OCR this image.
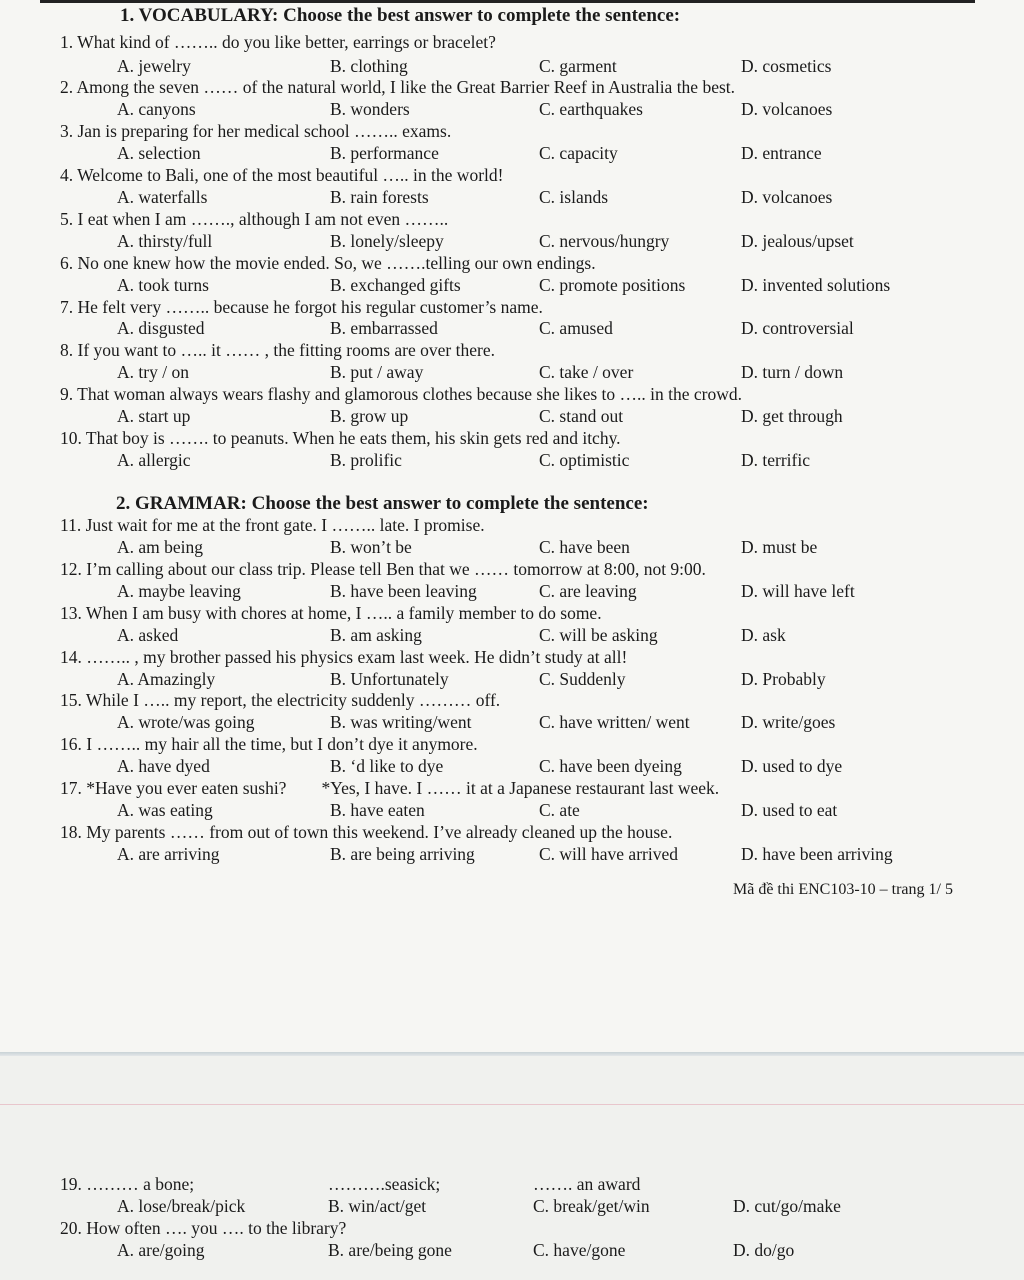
1. VOCABULARY: Choose the best answer to complete the sentence:
1. What kind of …….. do you like better, earrings or bracelet?
A. jewelry	B. clothing	C. garment	D. cosmetics
2. Among the seven …… of the natural world, I like the Great Barrier Reef in Australia the best.
A. canyons	B. wonders	C. earthquakes	D. volcanoes
3. Jan is preparing for her medical school …….. exams.
A. selection	B. performance	C. capacity	D. entrance
4. Welcome to Bali, one of the most beautiful ….. in the world!
A. waterfalls	B. rain forests	C. islands	D. volcanoes
5. I eat when I am ……., although I am not even ……..
A. thirsty/full	B. lonely/sleepy	C. nervous/hungry	D. jealous/upset
6. No one knew how the movie ended. So, we …….telling our own endings.
A. took turns	B. exchanged gifts	C. promote positions	D. invented solutions
7. He felt very …….. because he forgot his regular customer’s name.
A. disgusted	B. embarrassed	C. amused	D. controversial
8. If you want to ….. it …… , the fitting rooms are over there.
A. try / on	B. put / away	C. take / over	D. turn / down
9. That woman always wears flashy and glamorous clothes because she likes to ….. in the crowd.
A. start up	B. grow up	C. stand out	D. get through
10. That boy is ……. to peanuts. When he eats them, his skin gets red and itchy.
A. allergic	B. prolific	C. optimistic	D. terrific
2. GRAMMAR: Choose the best answer to complete the sentence:
11. Just wait for me at the front gate. I …….. late. I promise.
A. am being	B. won’t be	C. have been	D. must be
12. I’m calling about our class trip. Please tell Ben that we …… tomorrow at 8:00, not 9:00.
A. maybe leaving	B. have been leaving	C. are leaving	D. will have left
13. When I am busy with chores at home, I ….. a family member to do some.
A. asked	B. am asking	C. will be asking	D. ask
14. …….. , my brother passed his physics exam last week. He didn’t study at all!
A. Amazingly	B. Unfortunately	C. Suddenly	D. Probably
15. While I ….. my report, the electricity suddenly ……… off.
A. wrote/was going	B. was writing/went	C. have written/ went	D. write/goes
16. I …….. my hair all the time, but I don’t dye it anymore.
A. have dyed	B. ‘d like to dye	C. have been dyeing	D. used to dye
17. *Have you ever eaten sushi?        *Yes, I have. I …… it at a Japanese restaurant last week.
A. was eating	B. have eaten	C. ate	D. used to eat
18. My parents …… from out of town this weekend. I’ve already cleaned up the house.
A. are arriving	B. are being arriving	C. will have arrived	D. have been arriving
Mã đề thi ENC103-10 – trang 1/ 5
19. ……… a bone;	……….seasick;	……. an award
A. lose/break/pick	B. win/act/get	C. break/get/win	D. cut/go/make
20. How often …. you …. to the library?
A. are/going	B. are/being gone	C. have/gone	D. do/go
